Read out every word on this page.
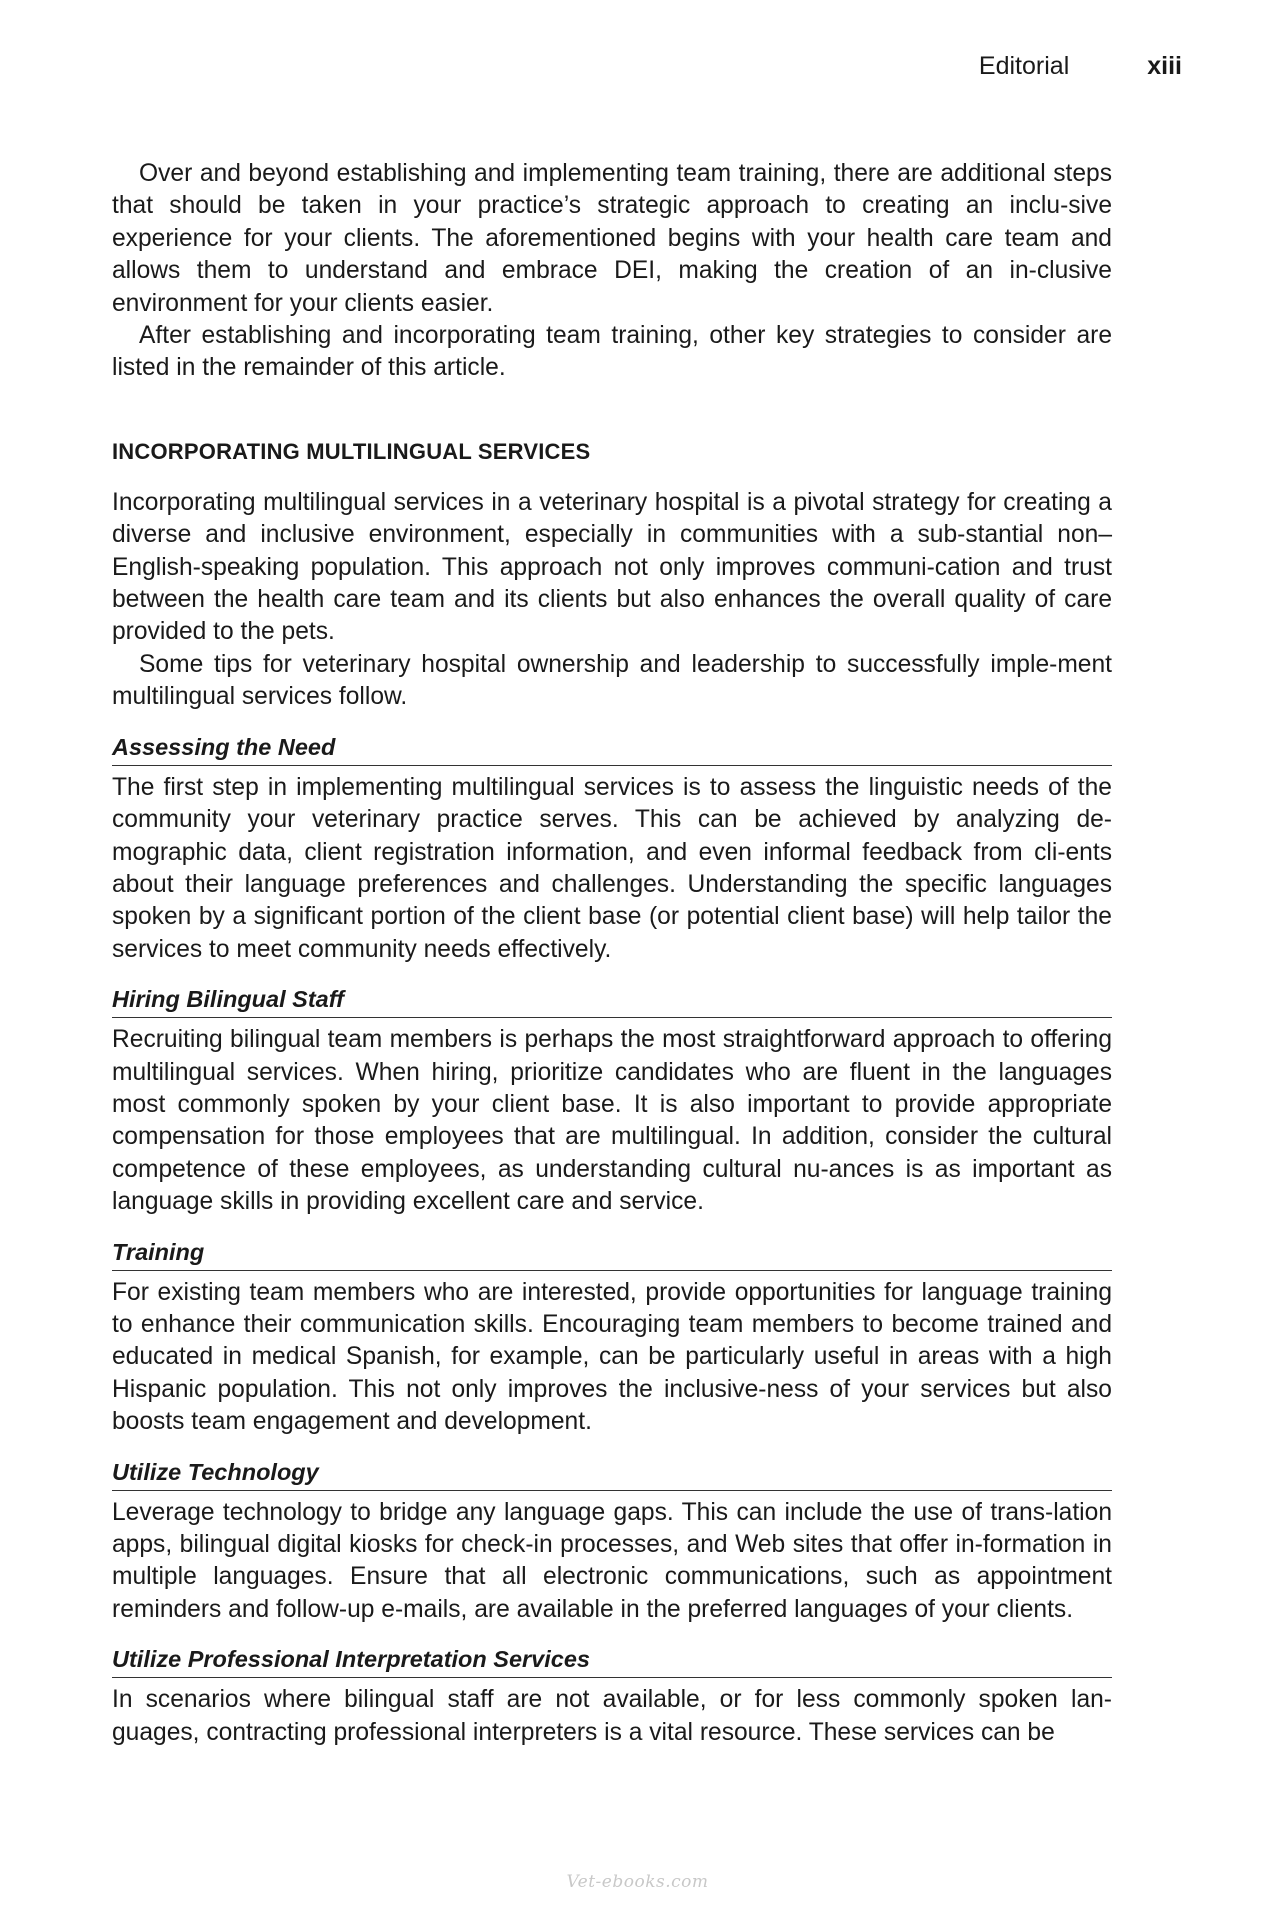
Editorial	xiii

Over and beyond establishing and implementing team training, there are additional steps that should be taken in your practice’s strategic approach to creating an inclu-sive experience for your clients. The aforementioned begins with your health care team and allows them to understand and embrace DEI, making the creation of an in-clusive environment for your clients easier.

After establishing and incorporating team training, other key strategies to consider are listed in the remainder of this article.

INCORPORATING MULTILINGUAL SERVICES

Incorporating multilingual services in a veterinary hospital is a pivotal strategy for creating a diverse and inclusive environment, especially in communities with a sub-stantial non–English-speaking population. This approach not only improves communi-cation and trust between the health care team and its clients but also enhances the overall quality of care provided to the pets.

Some tips for veterinary hospital ownership and leadership to successfully imple-ment multilingual services follow.

Assessing the Need

The first step in implementing multilingual services is to assess the linguistic needs of the community your veterinary practice serves. This can be achieved by analyzing de-mographic data, client registration information, and even informal feedback from cli-ents about their language preferences and challenges. Understanding the specific languages spoken by a significant portion of the client base (or potential client base) will help tailor the services to meet community needs effectively.

Hiring Bilingual Staff

Recruiting bilingual team members is perhaps the most straightforward approach to offering multilingual services. When hiring, prioritize candidates who are fluent in the languages most commonly spoken by your client base. It is also important to provide appropriate compensation for those employees that are multilingual. In addition, consider the cultural competence of these employees, as understanding cultural nu-ances is as important as language skills in providing excellent care and service.

Training

For existing team members who are interested, provide opportunities for language training to enhance their communication skills. Encouraging team members to become trained and educated in medical Spanish, for example, can be particularly useful in areas with a high Hispanic population. This not only improves the inclusive-ness of your services but also boosts team engagement and development.

Utilize Technology

Leverage technology to bridge any language gaps. This can include the use of trans-lation apps, bilingual digital kiosks for check-in processes, and Web sites that offer in-formation in multiple languages. Ensure that all electronic communications, such as appointment reminders and follow-up e-mails, are available in the preferred languages of your clients.

Utilize Professional Interpretation Services

In scenarios where bilingual staff are not available, or for less commonly spoken lan-guages, contracting professional interpreters is a vital resource. These services can be

Vet-ebooks.com
